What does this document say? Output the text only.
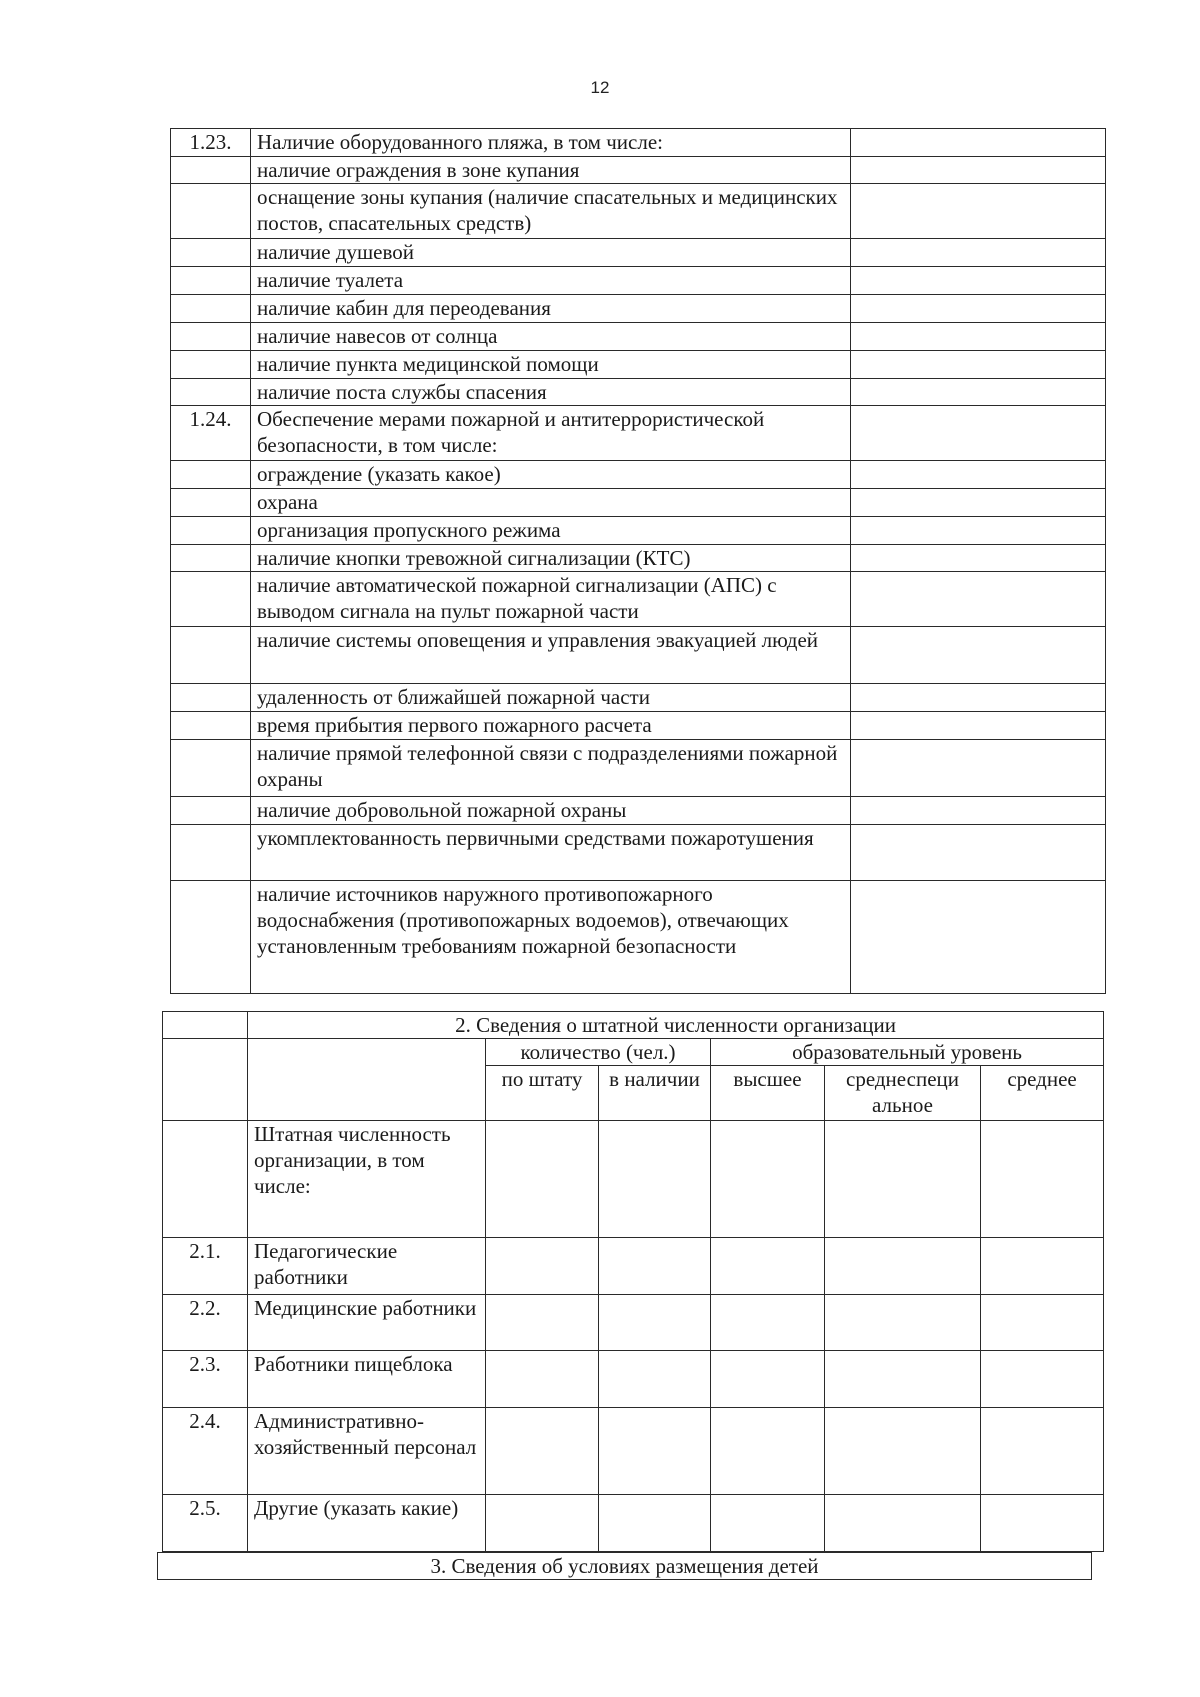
12
1.23.	Наличие оборудованного пляжа, в том числе:	
	наличие ограждения в зоне купания	
	оснащение зоны купания (наличие спасательных и медицинских постов, спасательных средств)	
	наличие душевой	
	наличие туалета	
	наличие кабин для переодевания	
	наличие навесов от солнца	
	наличие пункта медицинской помощи	
	наличие поста службы спасения	
1.24.	Обеспечение мерами пожарной и антитеррористической безопасности, в том числе:	
	ограждение (указать какое)	
	охрана	
	организация пропускного режима	
	наличие кнопки тревожной сигнализации (КТС)	
	наличие автоматической пожарной сигнализации (АПС) с выводом сигнала на пульт пожарной части	
	наличие системы оповещения и управления эвакуацией людей	
	удаленность от ближайшей пожарной части	
	время прибытия первого пожарного расчета	
	наличие прямой телефонной связи с подразделениями пожарной охраны	
	наличие добровольной пожарной охраны	
	укомплектованность первичными средствами пожаротушения	
	наличие источников наружного противопожарного водоснабжения (противопожарных водоемов), отвечающих установленным требованиям пожарной безопасности	
	2. Сведения о штатной численности организации					
		количество (чел.)		образовательный уровень		
		по штату	в наличии	высшее	среднеспеци альное	среднее
	Штатная численность организации, в том числе:					
2.1.	Педагогические работники					
2.2.	Медицинские работники					
2.3.	Работники пищеблока					
2.4.	Административно-хозяйственный персонал					
2.5.	Другие (указать какие)					
3. Сведения об условиях размещения детей
